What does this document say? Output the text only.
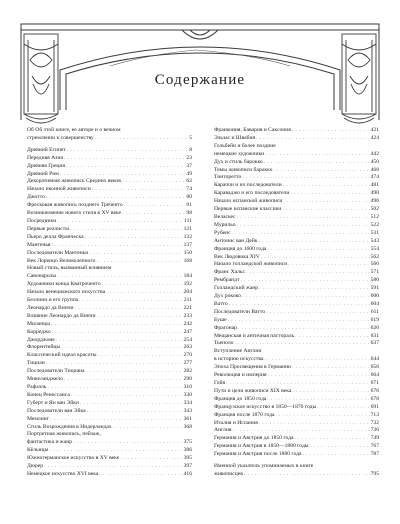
Содержание
Об Об этой книге, ее авторе и о вечном
стремлении к совершенству . . .	5
Древний Египет . . .	8
Передняя Азия . . .	23
Древняя Греция . . .	37
Древний Рим . . .	49
Декоративная живопись Средних веков . . .	62
Начало иконной живописи . . .	74
Джотто . . .	80
Фресковая живопись позднего Треченто . . .	91
Возникновение нового стиля в XV веке . . .	98
Посредники . . .	111
Первые реалисты . . .	121
Пьеро делла Франческа . . .	132
Мантенья . . .	137
Последователи Мантеньи . . .	150
Век Лоренцо Великолепного . . .	168
Новый стиль, вызванный влиянием
Савонаролы . . .	184
Художники конца Кватроченто . . .	192
Начало венецианского искусства . . .	204
Беллини и его группа . . .	211
Леонардо да Винчи . . .	221
Влияние Леонардо да Винчи . . .	233
Миланцы . . .	242
Корреджо . . .	247
Джорджоне . . .	254
Флорентийцы . . .	263
Классический идеал красоты . . .	270
Тициан . . .	277
Последователи Тициана . . .	282
Микеланджело . . .	290
Рафаэль . . .	310
Конец Ренессанса . . .	330
Губерт и Ян ван Эйки . . .	334
Последователи ван Эйка . . .	343
Мемлинг . . .	361
Стиль Возрождения в Нидерландах . . .	368
Портретная живопись, пейзаж,
фантастика и жанр . . .	375
Кёльнцы . . .	386
Южногерманское искусство в XV веке . . .	395
Дюрер . . .	397
Немецкое искусство XVI века . . .	416
Франкония, Бавария и Саксония . . .	421
Эльзас и Швабия . . .	424
Гольбейн и более поздние
немецкие художники . . .	442
Дух и стиль барокко . . .	450
Темы живописи барокко . . .	468
Тинторетто . . .	474
Караччи и их последователи . . .	481
Караваджо и его последователи . . .	490
Начало испанской живописи . . .	496
Первые испанские классики . . .	502
Веласкес . . .	512
Мурильо . . .	522
Рубенс . . .	531
Антонис ван Дейк . . .	543
Франция до 1600 года . . .	554
Век Людовика XIV . . .	562
Начало голландской живописи . . .	566
Франс Хальс . . .	571
Рембрандт . . .	580
Голландский жанр . . .	591
Дух рококо . . .	600
Ватто . . .	604
Последователи Ватто . . .	611
Буше . . .	619
Фрагонар . . .	626
Мещанская и античная пастораль . . .	631
Тьеполо . . .	637
Вступление Англии
в историю искусства . . .	644
Эпоха Просвещения в Германии . . .	656
Революция и империя . . .	664
Гойя . . .	671
Пути и цели живописи XIX века . . .	676
Франция до 1850 года . . .	678
Французское искусство в 1850—1870 годы . . .	691
Франция после 1870 года . . .	713
Италия и Испания . . .	732
Англия . . .	736
Германия и Австрия до 1850 года . . .	749
Германия и Австрия в 1850—1880 годы . . .	767
Германия и Австрия после 1880 года . . .	787
Именной указатель упоминаемых в книге
живописцев . . .	795
